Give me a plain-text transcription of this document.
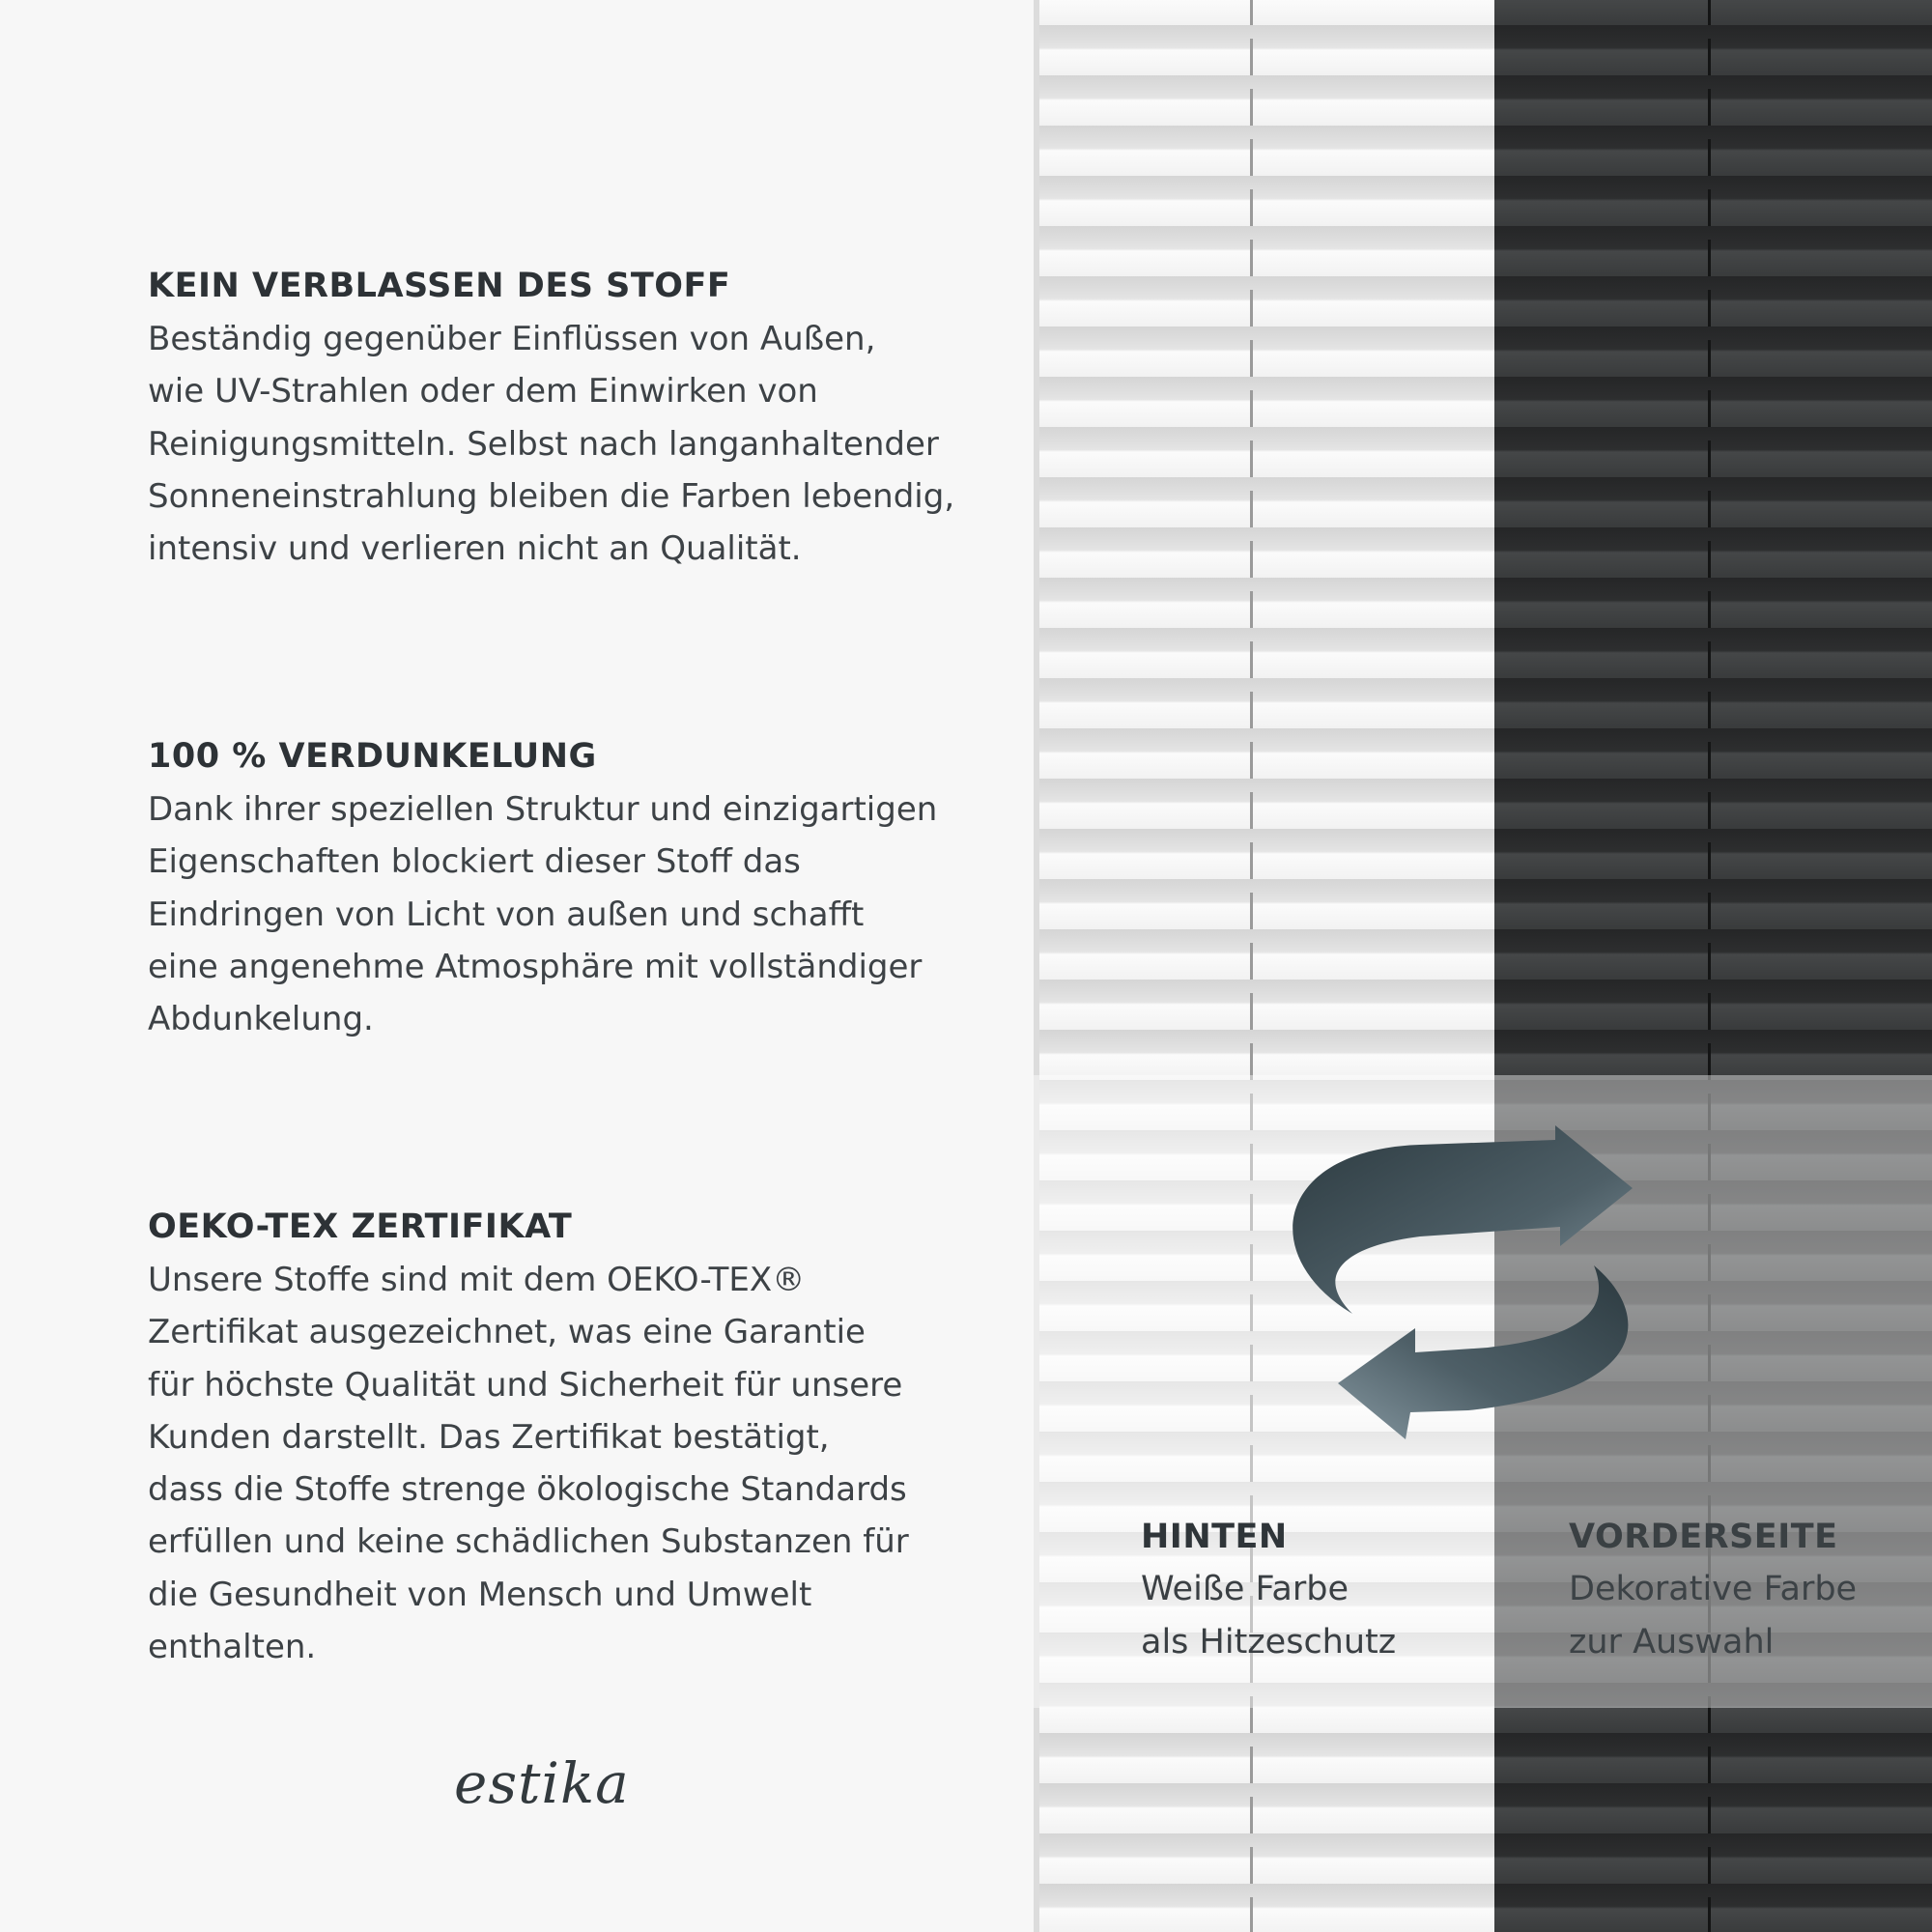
KEIN VERBLASSEN DES STOFF

Beständig gegenüber Einflüssen von Außen,
wie UV-Strahlen oder dem Einwirken von
Reinigungsmitteln. Selbst nach langanhaltender
Sonneneinstrahlung bleiben die Farben lebendig,
intensiv und verlieren nicht an Qualität.

100 % VERDUNKELUNG

Dank ihrer speziellen Struktur und einzigartigen
Eigenschaften blockiert dieser Stoff das
Eindringen von Licht von außen und schafft
eine angenehme Atmosphäre mit vollständiger
Abdunkelung.

OEKO-TEX ZERTIFIKAT

Unsere Stoffe sind mit dem OEKO-TEX®
Zertifikat ausgezeichnet, was eine Garantie
für höchste Qualität und Sicherheit für unsere
Kunden darstellt. Das Zertifikat bestätigt,
dass die Stoffe strenge ökologische Standards
erfüllen und keine schädlichen Substanzen für
die Gesundheit von Mensch und Umwelt
enthalten.

estika
HINTEN

Weiße Farbe

als Hitzeschutz

VORDERSEITE

Dekorative Farbe

zur Auswahl
